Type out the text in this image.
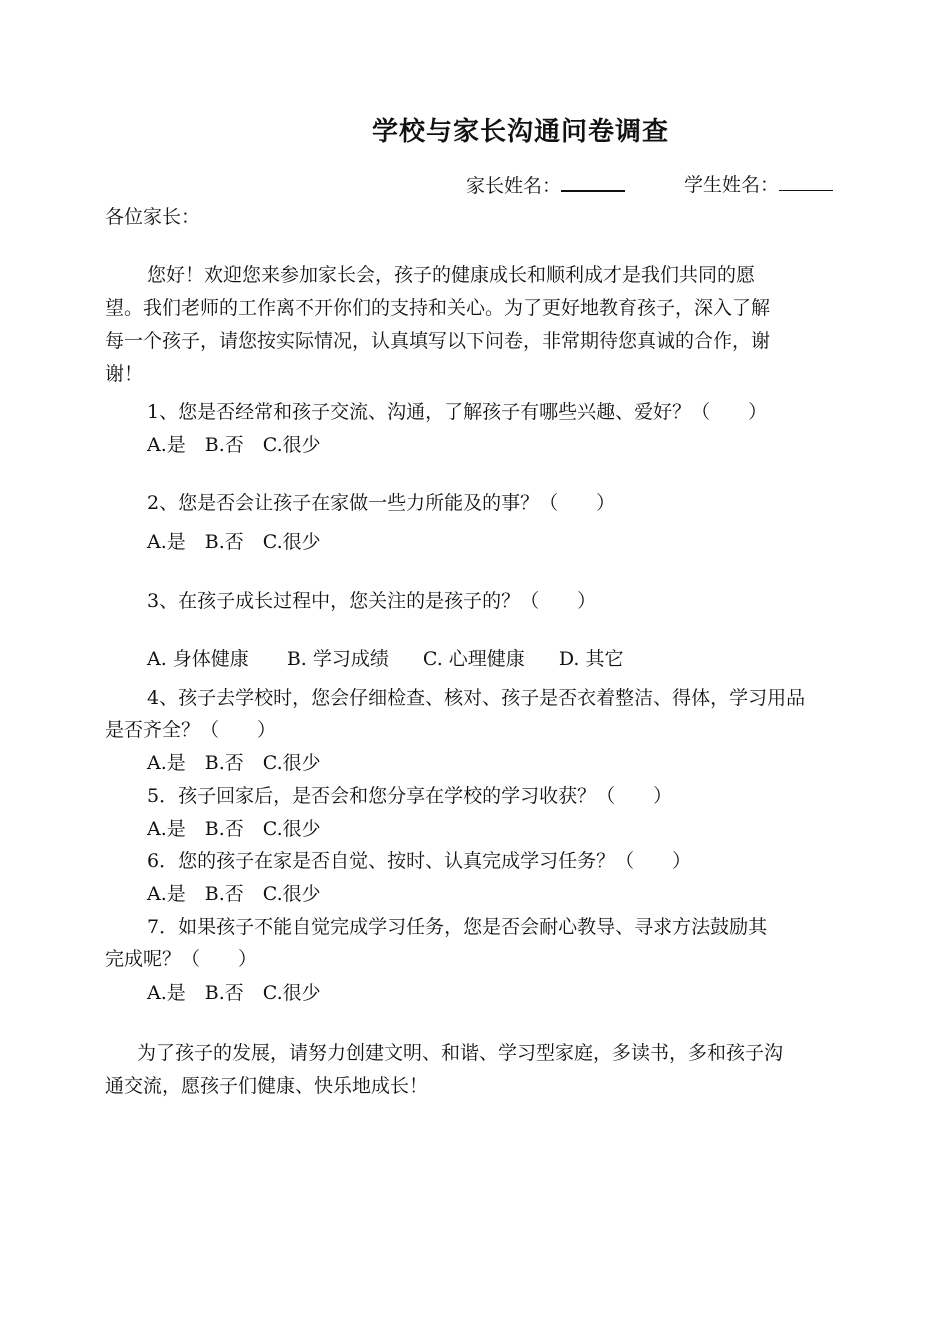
学校与家长沟通问卷调查
家长姓名：	学生姓名：
各位家长：
您好！欢迎您来参加家长会，孩子的健康成长和顺利成才是我们共同的愿
望。我们老师的工作离不开你们的支持和关心。为了更好地教育孩子，深入了解
每一个孩子，请您按实际情况，认真填写以下问卷，非常期待您真诚的合作，谢
谢！
1、您是否经常和孩子交流、沟通，了解孩子有哪些兴趣、爱好？（　　）
A.是　B.否　C.很少
2、您是否会让孩子在家做一些力所能及的事？（　　）
A.是　B.否　C.很少
3、在孩子成长过程中，您关注的是孩子的？（　　）
A. 身体健康 B. 学习成绩 C. 心理健康 D. 其它
4、孩子去学校时，您会仔细检查、核对、孩子是否衣着整洁、得体，学习用品
是否齐全？（　　）
A.是　B.否　C.很少
5．孩子回家后，是否会和您分享在学校的学习收获？（　　）
A.是　B.否　C.很少
6．您的孩子在家是否自觉、按时、认真完成学习任务？（　　）
A.是　B.否　C.很少
7．如果孩子不能自觉完成学习任务，您是否会耐心教导、寻求方法鼓励其
完成呢？（　　）
A.是　B.否　C.很少
为了孩子的发展，请努力创建文明、和谐、学习型家庭，多读书，多和孩子沟
通交流，愿孩子们健康、快乐地成长！
